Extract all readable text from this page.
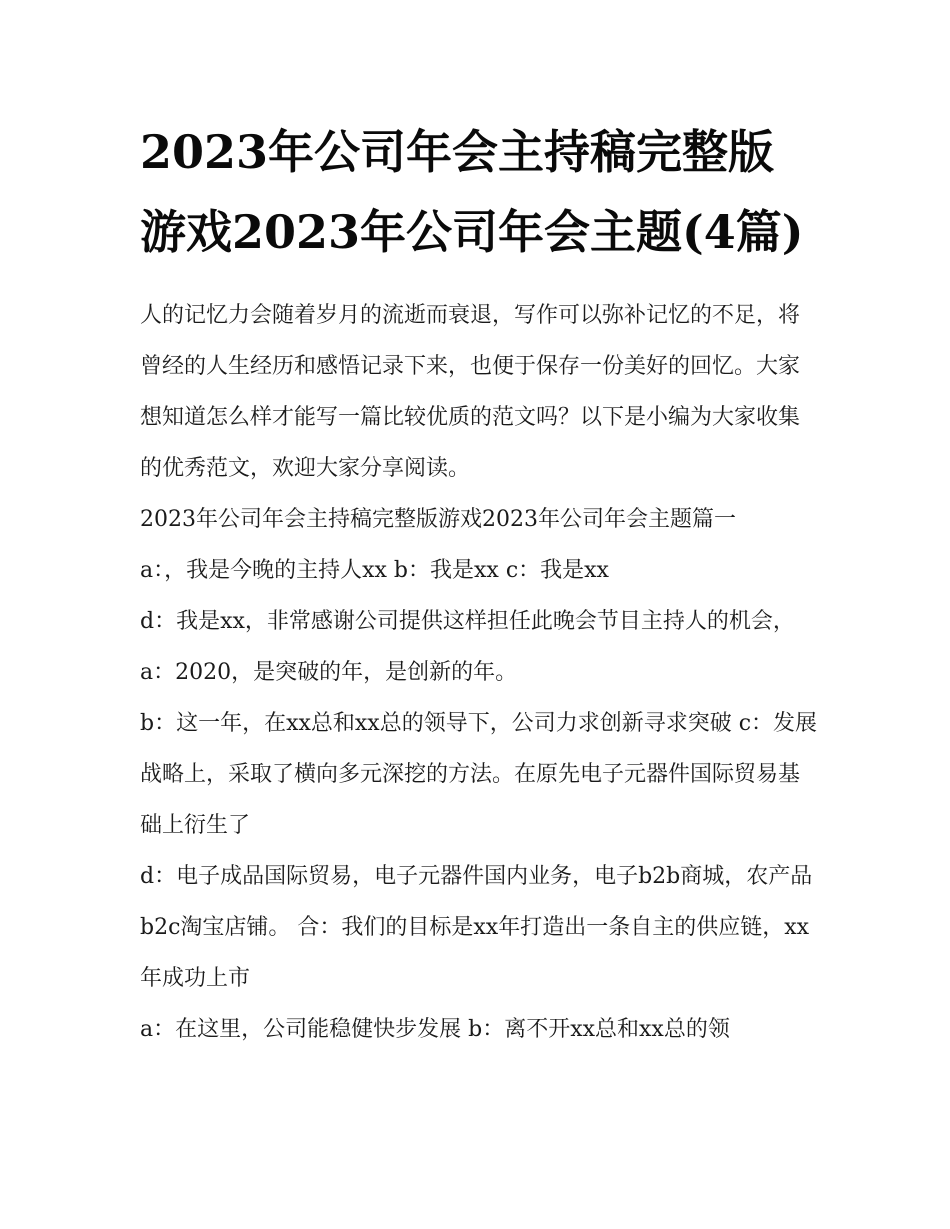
2023年公司年会主持稿完整版游戏2023年公司年会主题(4篇)

人的记忆力会随着岁月的流逝而衰退，写作可以弥补记忆的不足，将曾经的人生经历和感悟记录下来，也便于保存一份美好的回忆。大家想知道怎么样才能写一篇比较优质的范文吗？以下是小编为大家收集的优秀范文，欢迎大家分享阅读。

2023年公司年会主持稿完整版游戏2023年公司年会主题篇一

a：，我是今晚的主持人xx b：我是xx c：我是xx

d：我是xx，非常感谢公司提供这样担任此晚会节目主持人的机会， a：2020，是突破的年，是创新的年。

b：这一年，在xx总和xx总的领导下，公司力求创新寻求突破 c：发展战略上，采取了横向多元深挖的方法。在原先电子元器件国际贸易基础上衍生了

d：电子成品国际贸易，电子元器件国内业务，电子b2b商城，农产品b2c淘宝店铺。 合：我们的目标是xx年打造出一条自主的供应链，xx年成功上市

a：在这里，公司能稳健快步发展 b：离不开xx总和xx总的领
